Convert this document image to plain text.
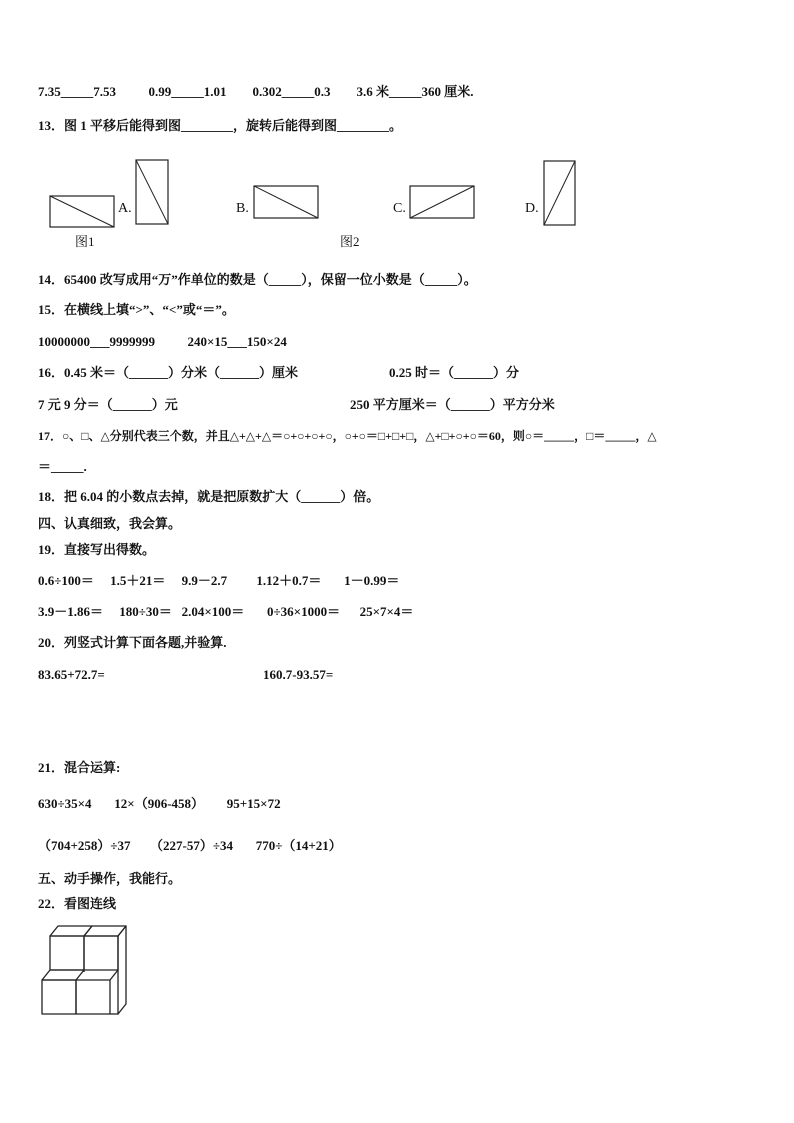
7.35_____7.53          0.99_____1.01        0.302_____0.3        3.6 米_____360 厘米.
13．图 1 平移后能得到图________，旋转后能得到图________。
A.	B.	C.	D.
图1	图2
14．65400 改写成用“万”作单位的数是（_____），保留一位小数是（_____）。
15．在横线上填“>”、“<”或“＝”。
10000000___9999999          240×15___150×24
16．0.45 米＝（______）分米（______）厘米	0.25 时＝（______）分
7 元 9 分＝（______）元	250 平方厘米＝（______）平方分米
17．○、□、△分别代表三个数，并且△+△+△＝○+○+○+○，○+○＝□+□+□，△+□+○+○＝60，则○＝_____，□＝_____，△
＝_____.
18．把 6.04 的小数点去掉，就是把原数扩大（______）倍。
四、认真细致，我会算。
19．直接写出得数。
0.6÷100＝     1.5＋21＝     9.9－2.7         1.12＋0.7＝       1－0.99＝
3.9－1.86＝     180÷30＝   2.04×100＝       0÷36×1000＝      25×7×4＝
20．列竖式计算下面各题,并验算.
83.65+72.7=	160.7-93.57=
21．混合运算:
630÷35×4       12×（906-458）       95+15×72
（704+258）÷37      （227-57）÷34       770÷（14+21）
五、动手操作，我能行。
22．看图连线
